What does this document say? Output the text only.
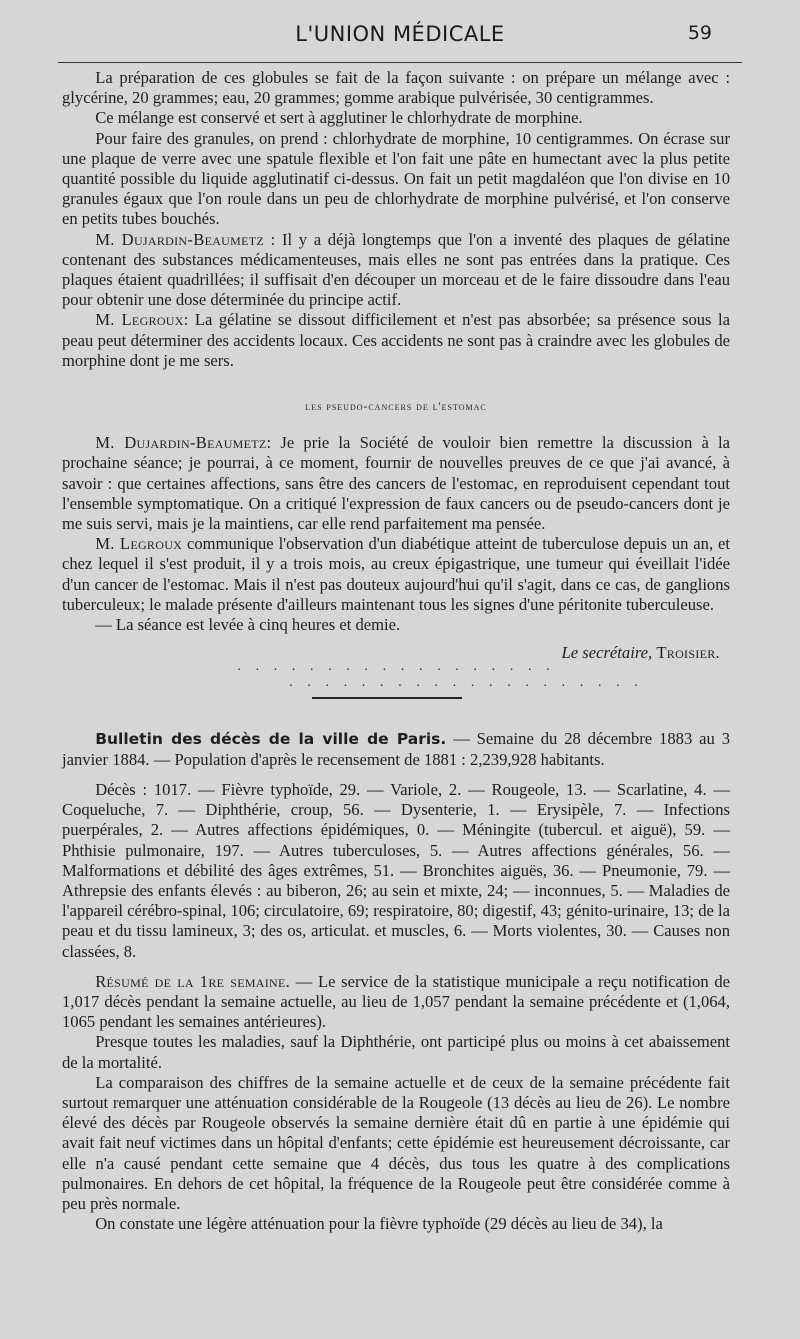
L'UNION MÉDICALE	59

La préparation de ces globules se fait de la façon suivante : on prépare un mélange avec : glycérine, 20 grammes; eau, 20 grammes; gomme arabique pulvérisée, 30 centigrammes.

Ce mélange est conservé et sert à agglutiner le chlorhydrate de morphine.

Pour faire des granules, on prend : chlorhydrate de morphine, 10 centigrammes. On écrase sur une plaque de verre avec une spatule flexible et l'on fait une pâte en humectant avec la plus petite quantité possible du liquide agglutinatif ci-dessus. On fait un petit magdaléon que l'on divise en 10 granules égaux que l'on roule dans un peu de chlorhydrate de morphine pulvérisé, et l'on conserve en petits tubes bouchés.

M. Dujardin-Beaumetz : Il y a déjà longtemps que l'on a inventé des plaques de gélatine contenant des substances médicamenteuses, mais elles ne sont pas entrées dans la pratique. Ces plaques étaient quadrillées; il suffisait d'en découper un morceau et de le faire dissoudre dans l'eau pour obtenir une dose déterminée du principe actif.

M. Legroux: La gélatine se dissout difficilement et n'est pas absorbée; sa présence sous la peau peut déterminer des accidents locaux. Ces accidents ne sont pas à craindre avec les globules de morphine dont je me sers.

les pseudo-cancers de l'estomac

M. Dujardin-Beaumetz: Je prie la Société de vouloir bien remettre la discussion à la prochaine séance; je pourrai, à ce moment, fournir de nouvelles preuves de ce que j'ai avancé, à savoir : que certaines affections, sans être des cancers de l'estomac, en reproduisent cependant tout l'ensemble symptomatique. On a critiqué l'expression de faux cancers ou de pseudo-cancers dont je me suis servi, mais je la maintiens, car elle rend parfaitement ma pensée.

M. Legroux communique l'observation d'un diabétique atteint de tuberculose depuis un an, et chez lequel il s'est produit, il y a trois mois, au creux épigastrique, une tumeur qui éveillait l'idée d'un cancer de l'estomac. Mais il n'est pas douteux aujourd'hui qu'il s'agit, dans ce cas, de ganglions tuberculeux; le malade présente d'ailleurs maintenant tous les signes d'une péritonite tuberculeuse.

— La séance est levée à cinq heures et demie.

Le secrétaire, Troisier.
· · · · · · · · · · · · · · · · · ·
· · · · · · · · · · · · · · · · · · · ·

Bulletin des décès de la ville de Paris. — Semaine du 28 décembre 1883 au 3 janvier 1884. — Population d'après le recensement de 1881 : 2,239,928 habitants.

Décès : 1017. — Fièvre typhoïde, 29. — Variole, 2. — Rougeole, 13. — Scarlatine, 4. — Coqueluche, 7. — Diphthérie, croup, 56. — Dysenterie, 1. — Erysipèle, 7. — Infections puerpérales, 2. — Autres affections épidémiques, 0. — Méningite (tubercul. et aiguë), 59. — Phthisie pulmonaire, 197. — Autres tuberculoses, 5. — Autres affections générales, 56. — Malformations et débilité des âges extrêmes, 51. — Bronchites aiguës, 36. — Pneumonie, 79. — Athrepsie des enfants élevés : au biberon, 26; au sein et mixte, 24; — inconnues, 5. — Maladies de l'appareil cérébro-spinal, 106; circulatoire, 69; respiratoire, 80; digestif, 43; génito-urinaire, 13; de la peau et du tissu lamineux, 3; des os, articulat. et muscles, 6. — Morts violentes, 30. — Causes non classées, 8.

Résumé de la 1re semaine. — Le service de la statistique municipale a reçu notification de 1,017 décès pendant la semaine actuelle, au lieu de 1,057 pendant la semaine précédente et (1,064, 1065 pendant les semaines antérieures).

Presque toutes les maladies, sauf la Diphthérie, ont participé plus ou moins à cet abaissement de la mortalité.

La comparaison des chiffres de la semaine actuelle et de ceux de la semaine précédente fait surtout remarquer une atténuation considérable de la Rougeole (13 décès au lieu de 26). Le nombre élevé des décès par Rougeole observés la semaine dernière était dû en partie à une épidémie qui avait fait neuf victimes dans un hôpital d'enfants; cette épidémie est heureusement décroissante, car elle n'a causé pendant cette semaine que 4 décès, dus tous les quatre à des complications pulmonaires. En dehors de cet hôpital, la fréquence de la Rougeole peut être considérée comme à peu près normale.

On constate une légère atténuation pour la fièvre typhoïde (29 décès au lieu de 34), la
